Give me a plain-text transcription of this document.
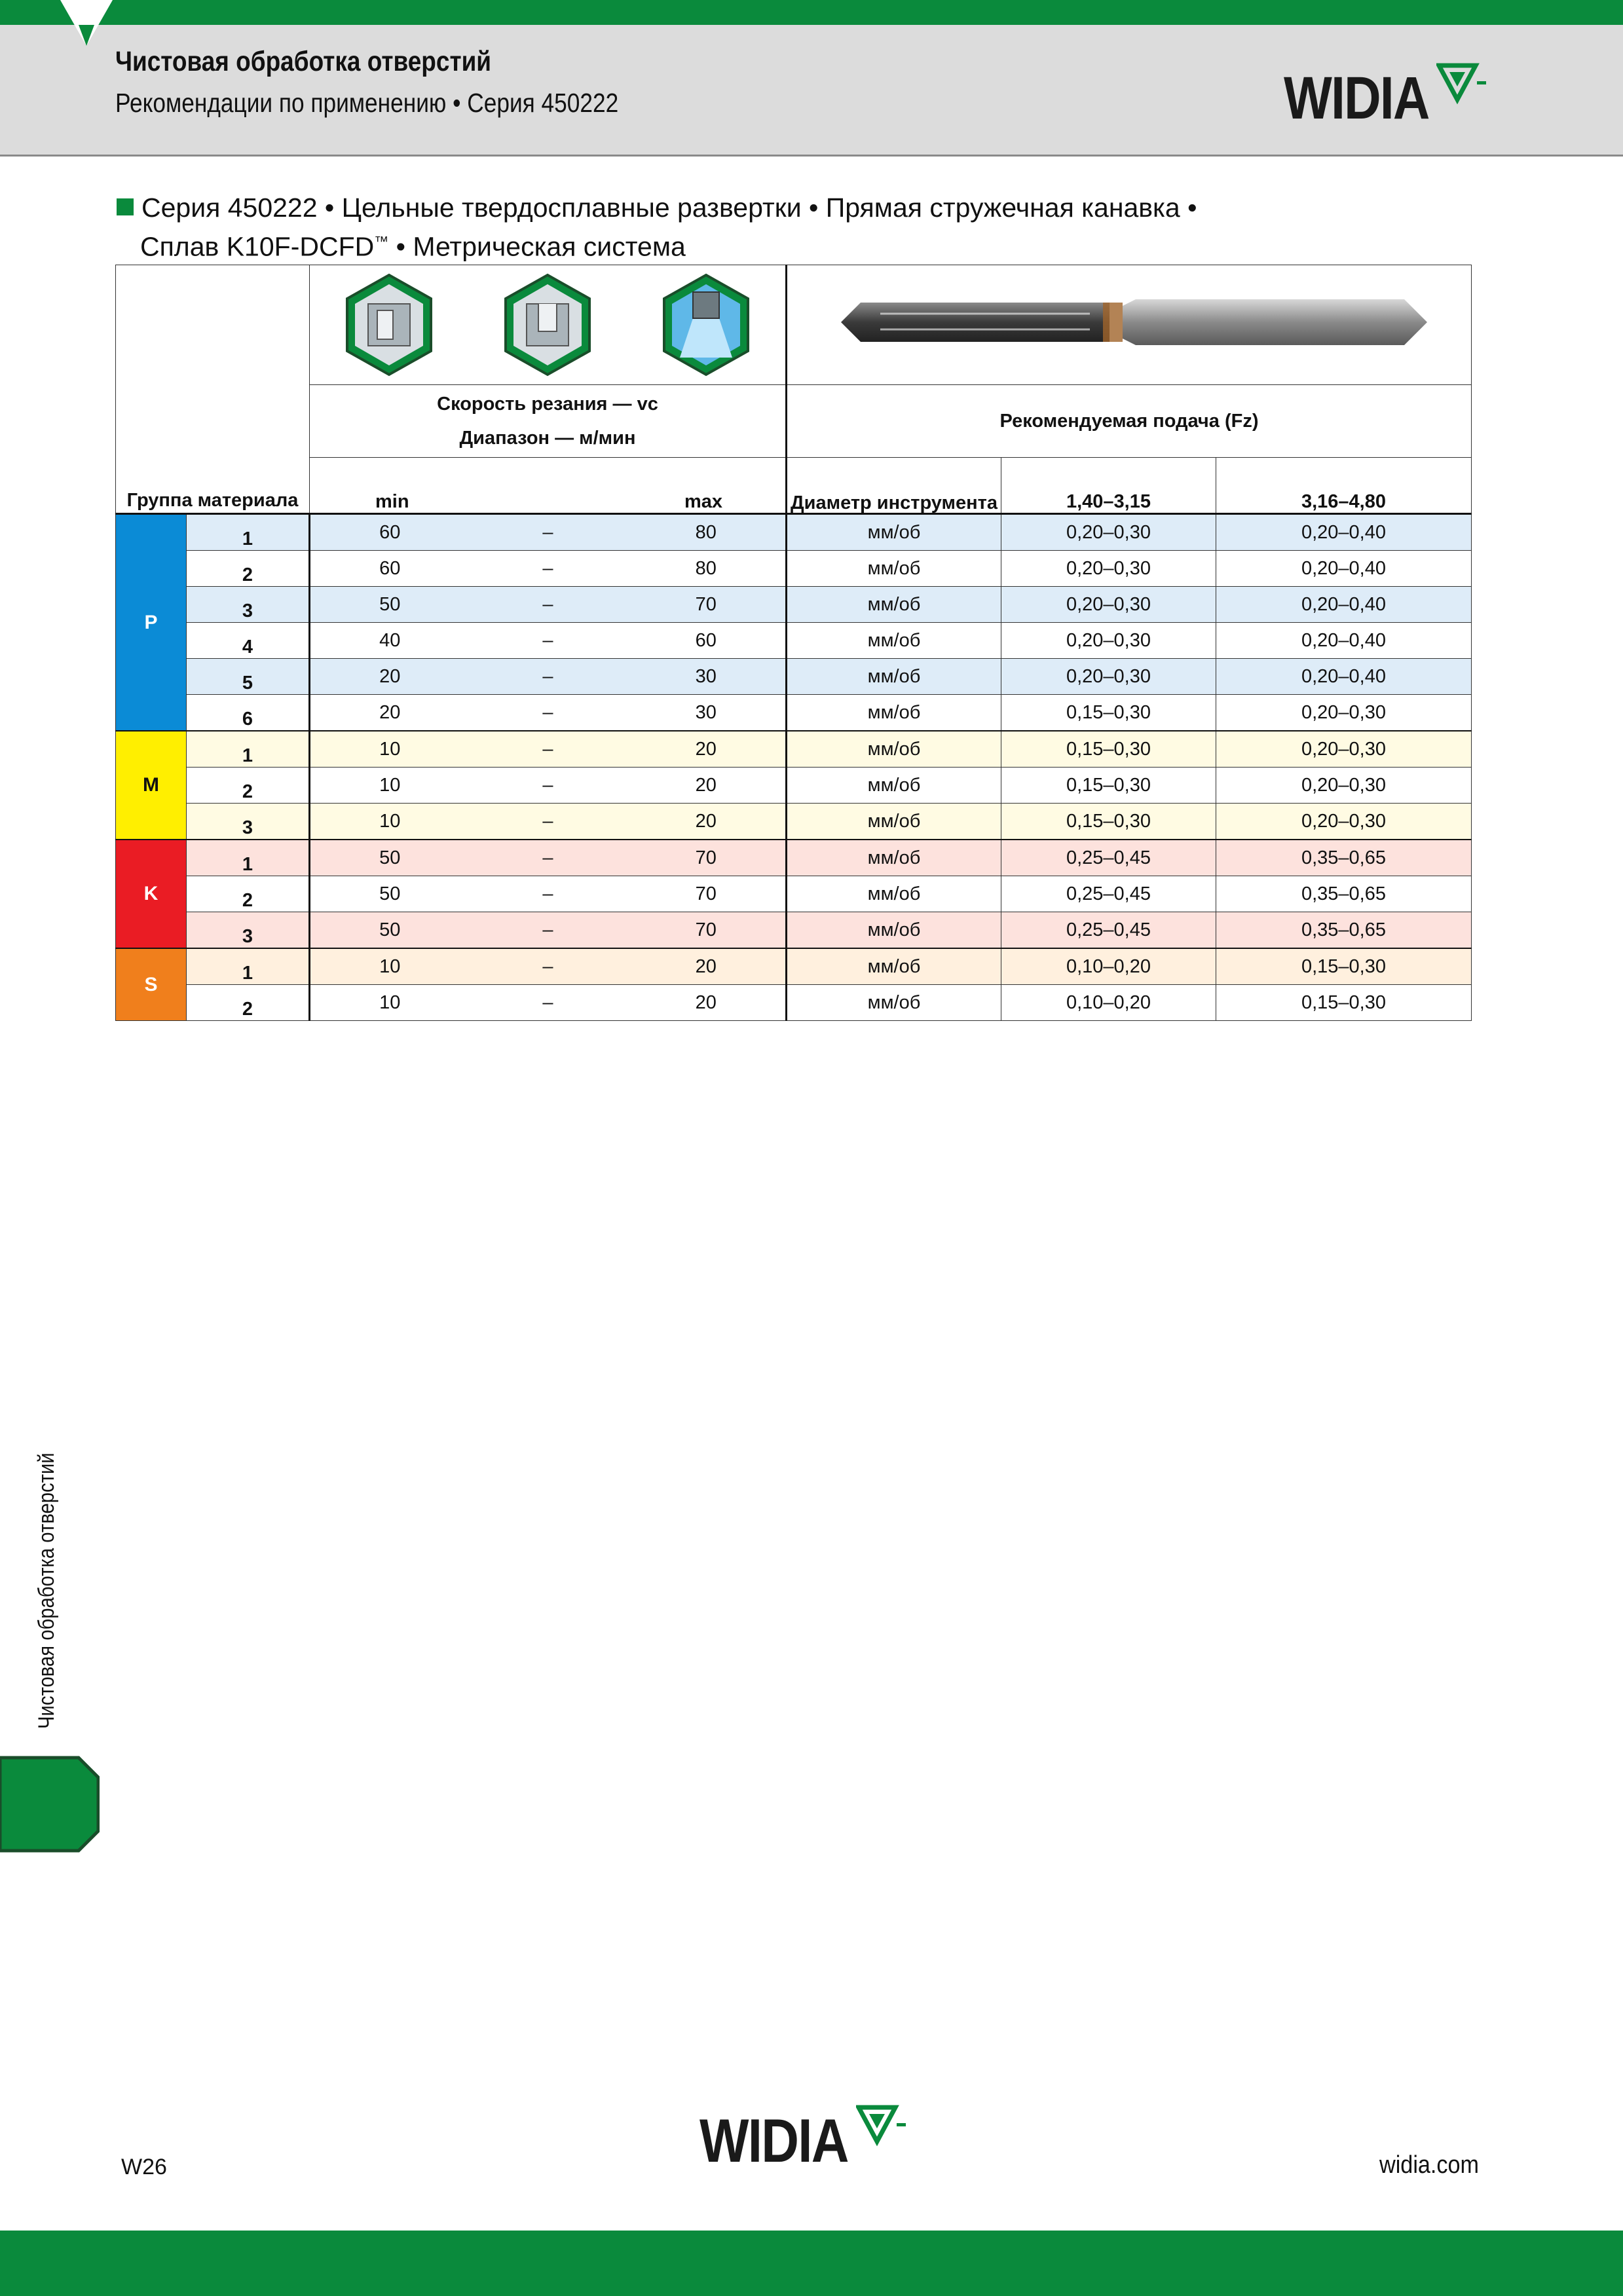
Чистовая обработка отверстий
Рекомендации по применению • Серия 450222	WIDIA
Серия 450222 • Цельные твердосплавные развертки • Прямая стружечная канавка •
Сплав K10F-DCFD™ • Метрическая система
Группа материала	

		Скорость резания — vc
Диапазон — м/мин			Рекомендуемая подача (Fz)		
		min		max	Диаметр инструмента	1,40–3,15	3,16–4,80
P	1	60	–	80	мм/об	0,20–0,30	0,20–0,40
	2	60	–	80	мм/об	0,20–0,30	0,20–0,40
	3	50	–	70	мм/об	0,20–0,30	0,20–0,40
	4	40	–	60	мм/об	0,20–0,30	0,20–0,40
	5	20	–	30	мм/об	0,20–0,30	0,20–0,40
	6	20	–	30	мм/об	0,15–0,30	0,20–0,30
M	1	10	–	20	мм/об	0,15–0,30	0,20–0,30
	2	10	–	20	мм/об	0,15–0,30	0,20–0,30
	3	10	–	20	мм/об	0,15–0,30	0,20–0,30
K	1	50	–	70	мм/об	0,25–0,45	0,35–0,65
	2	50	–	70	мм/об	0,25–0,45	0,35–0,65
	3	50	–	70	мм/об	0,25–0,45	0,35–0,65
S	1	10	–	20	мм/об	0,10–0,20	0,15–0,30
	2	10	–	20	мм/об	0,10–0,20	0,15–0,30
Чистовая обработка отверстий
W26	WIDIA	widia.com
